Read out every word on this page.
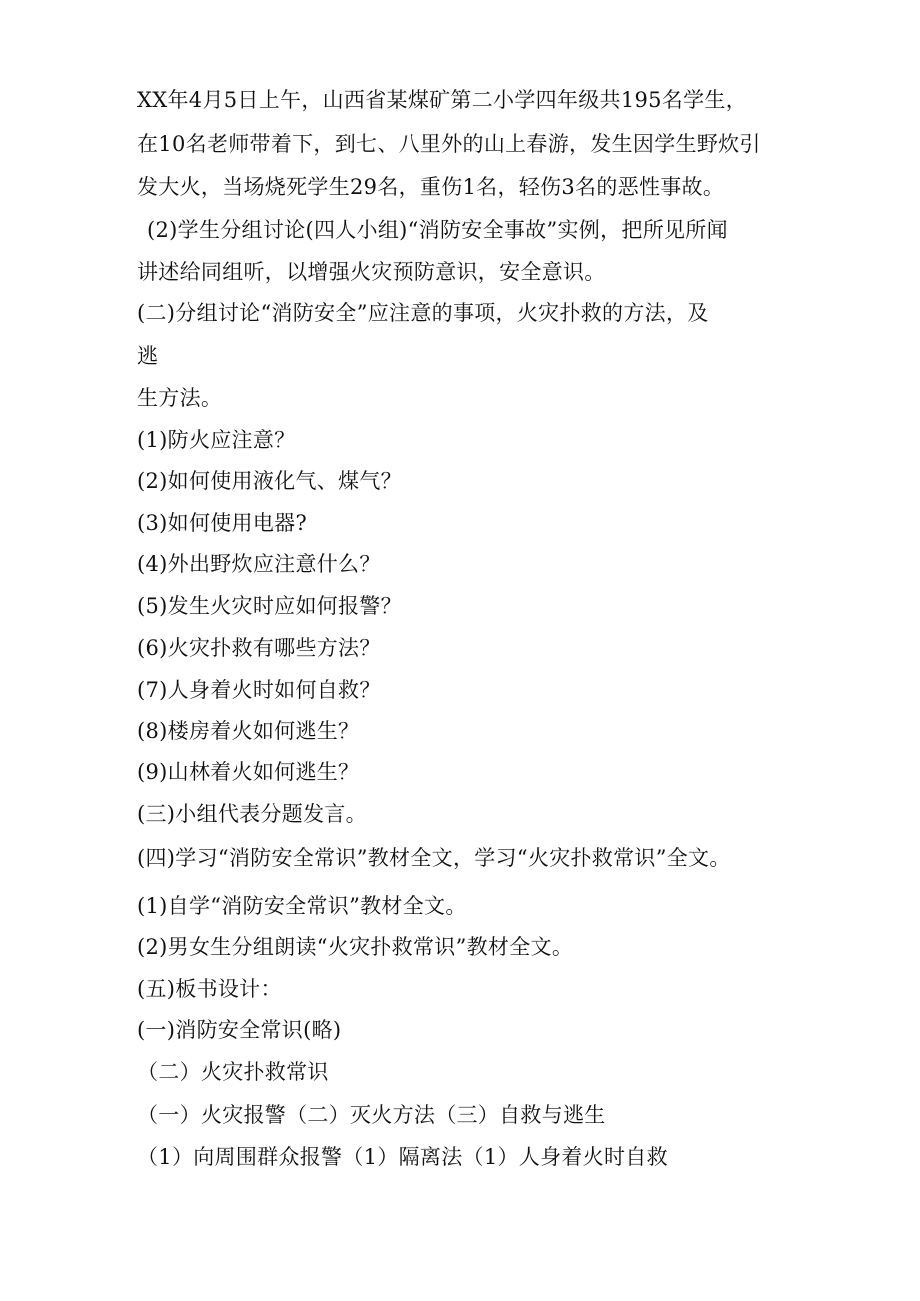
XX年4月5日上午，山西省某煤矿第二小学四年级共195名学生，
在10名老师带着下，到七、八里外的山上春游，发生因学生野炊引
发大火，当场烧死学生29名，重伤1名，轻伤3名的恶性事故。
(2)学生分组讨论(四人小组)“消防安全事故”实例，把所见所闻
讲述给同组听，以增强火灾预防意识，安全意识。
(二)分组讨论“消防安全”应注意的事项，火灾扑救的方法，及
逃
生方法。
(1)防火应注意？
(2)如何使用液化气、煤气？
(3)如何使用电器?
(4)外出野炊应注意什么？
(5)发生火灾时应如何报警？
(6)火灾扑救有哪些方法？
(7)人身着火时如何自救？
(8)楼房着火如何逃生？
(9)山林着火如何逃生？
(三)小组代表分题发言。
(四)学习“消防安全常识”教材全文，学习“火灾扑救常识”全文。
(1)自学“消防安全常识”教材全文。
(2)男女生分组朗读“火灾扑救常识”教材全文。
(五)板书设计：
(一)消防安全常识(略)
（二）火灾扑救常识
（一）火灾报警（二）灭火方法（三）自救与逃生
（1）向周围群众报警（1）隔离法（1）人身着火时自救
